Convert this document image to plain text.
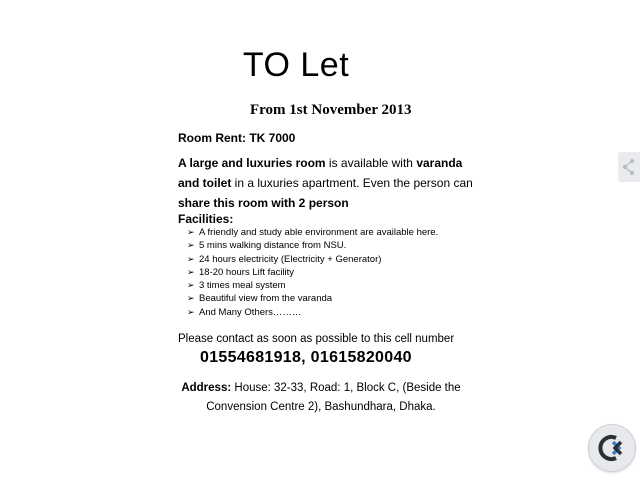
TO Let
From 1st November 2013
Room Rent: TK 7000
A large and luxuries room is available with varanda and toilet in a luxuries apartment. Even the person can share this room with 2 person
Facilities:
➢ A friendly and study able environment are available here.
➢ 5 mins walking distance from NSU.
➢ 24 hours electricity (Electricity + Generator)
➢ 18-20 hours Lift facility
➢ 3 times meal system
➢ Beautiful view from the varanda
➢ And Many Others………
Please contact as soon as possible to this cell number
01554681918, 01615820040
Address: House: 32-33, Road: 1, Block C, (Beside the Convension Centre 2), Bashundhara, Dhaka.
